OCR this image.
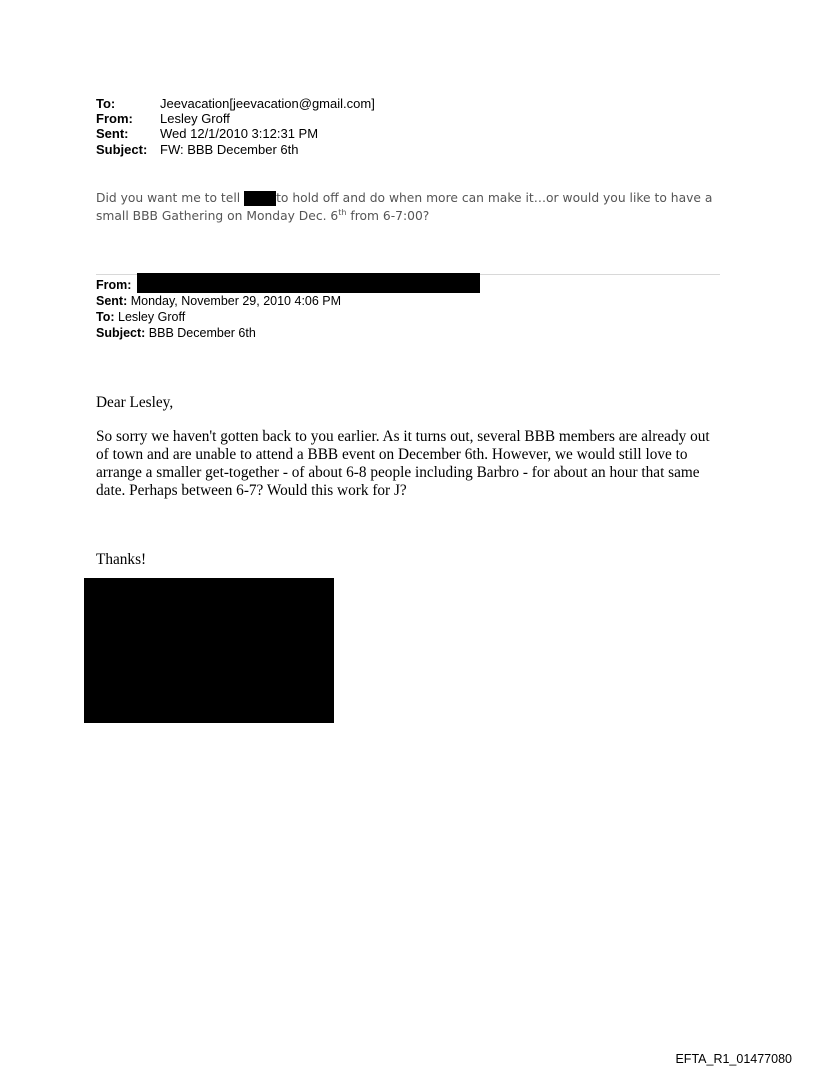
To:	Jeevacation[jeevacation@gmail.com]
From: Lesley Groff
Sent: Wed 12/1/2010 3:12:31 PM
Subject: FW: BBB December 6th
Did you want me to tell	to hold off and do when more can make it…or would you like to have a small BBB Gathering on Monday Dec. 6th from 6-7:00?
From:
Sent: Monday, November 29, 2010 4:06 PM
To: Lesley Groff
Subject: BBB December 6th
Dear Lesley,
So sorry we haven't gotten back to you earlier. As it turns out, several BBB members are already out of town and are unable to attend a BBB event on December 6th. However, we would still love to arrange a smaller get-together - of about 6-8 people including Barbro - for about an hour that same date. Perhaps between 6-7? Would this work for J?
Thanks!
EFTA_R1_01477080
